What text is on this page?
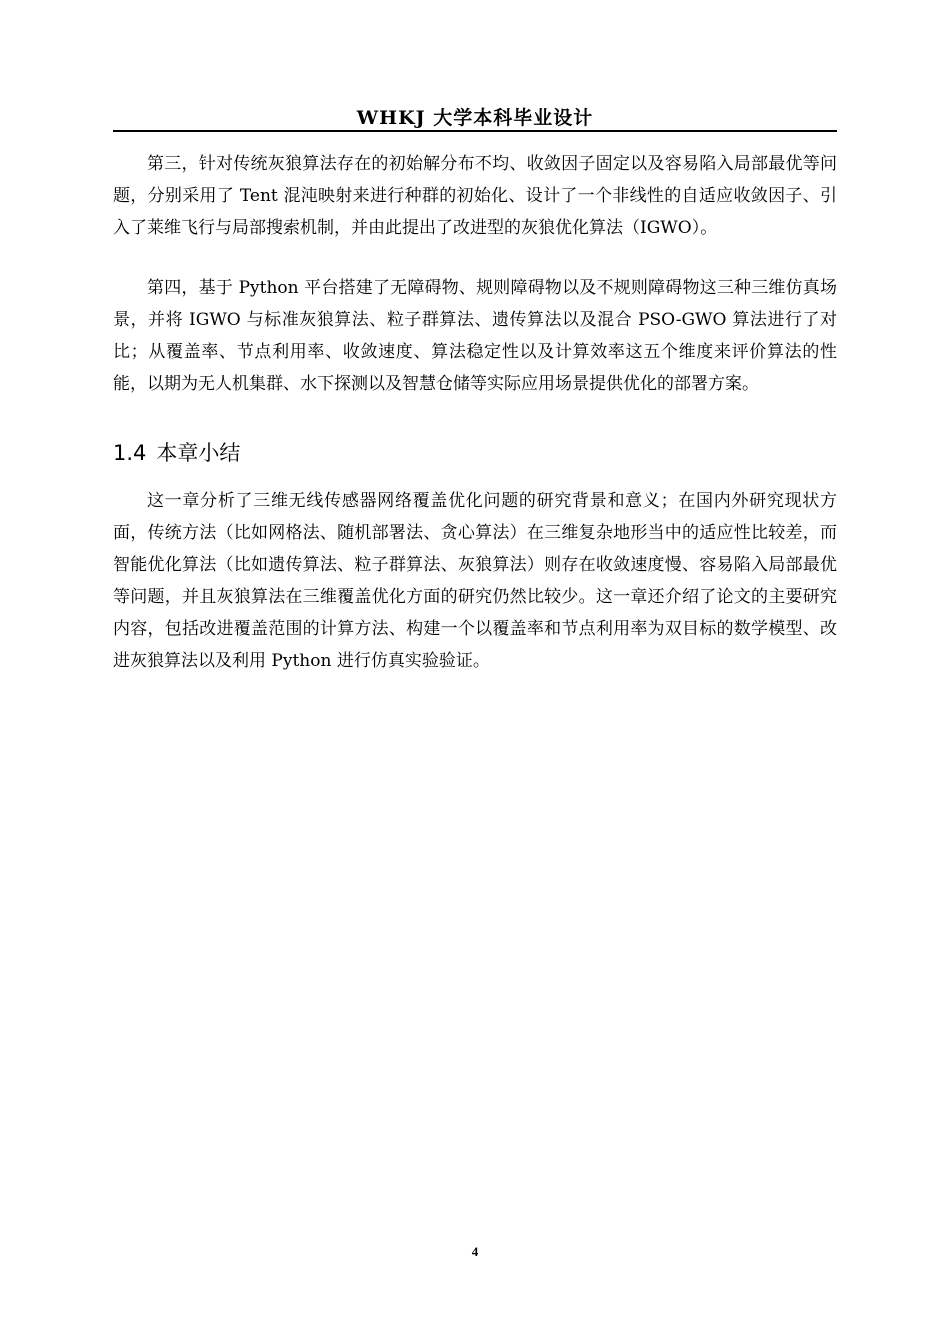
WHKJ 大学本科毕业设计

第三，针对传统灰狼算法存在的初始解分布不均、收敛因子固定以及容易陷入局部最优等问题，分别采用了 Tent 混沌映射来进行种群的初始化、设计了一个非线性的自适应收敛因子、引入了莱维飞行与局部搜索机制，并由此提出了改进型的灰狼优化算法（IGWO）。

第四，基于 Python 平台搭建了无障碍物、规则障碍物以及不规则障碍物这三种三维仿真场景，并将 IGWO 与标准灰狼算法、粒子群算法、遗传算法以及混合 PSO-GWO 算法进行了对比；从覆盖率、节点利用率、收敛速度、算法稳定性以及计算效率这五个维度来评价算法的性能，以期为无人机集群、水下探测以及智慧仓储等实际应用场景提供优化的部署方案。

1.4 本章小结

这一章分析了三维无线传感器网络覆盖优化问题的研究背景和意义；在国内外研究现状方面，传统方法（比如网格法、随机部署法、贪心算法）在三维复杂地形当中的适应性比较差，而智能优化算法（比如遗传算法、粒子群算法、灰狼算法）则存在收敛速度慢、容易陷入局部最优等问题，并且灰狼算法在三维覆盖优化方面的研究仍然比较少。这一章还介绍了论文的主要研究内容，包括改进覆盖范围的计算方法、构建一个以覆盖率和节点利用率为双目标的数学模型、改进灰狼算法以及利用 Python 进行仿真实验验证。

4
